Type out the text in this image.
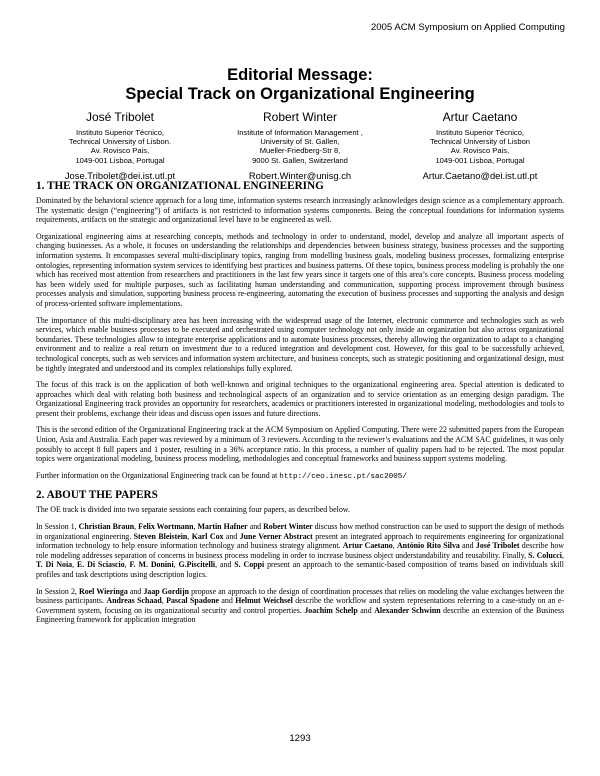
2005 ACM Symposium on Applied Computing
Editorial Message:
Special Track on Organizational Engineering
José Tribolet
Instituto Superior Técnico,
Technical University of Lisbon.
Av. Rovisco Pais,
1049-001 Lisboa, Portugal
Jose.Tribolet@dei.ist.utl.pt
Robert Winter
Institute of Information Management ,
University of St. Gallen,
Mueller-Friedberg-Str 8,
9000 St. Gallen, Switzerland
Robert.Winter@unisg.ch
Artur Caetano
Instituto Superior Técnico,
Technical University of Lisbon
Av. Rovisco Pais,
1049-001 Lisboa, Portugal
Artur.Caetano@dei.ist.utl.pt
1. THE TRACK ON ORGANIZATIONAL ENGINEERING

Dominated by the behavioral science approach for a long time, information systems research increasingly acknowledges design science as a complementary approach. The systematic design (“engineering”) of artifacts is not restricted to information systems components. Being the conceptual foundations for information systems requirements, artifacts on the strategic and organizational level have to be engineered as well.

Organizational engineering aims at researching concepts, methods and technology in order to understand, model, develop and analyze all important aspects of changing businesses. As a whole, it focuses on understanding the relationships and dependencies between business strategy, business processes and the supporting information systems. It encompasses several multi-disciplinary topics, ranging from modelling business goals, modeling business processes, formalizing enterprise ontologies, representing information system services to identifying best practices and business patterns. Of these topics, business process modeling is probably the one which has received most attention from researchers and practitioners in the last few years since it targets one of this area’s core concepts. Business process modeling has been widely used for multiple purposes, such as facilitating human understanding and communication, supporting process improvement through business processes analysis and simulation, supporting business process re-engineering, automating the execution of business processes and supporting the analysis and design of process-oriented software implementations.

The importance of this multi-disciplinary area has been increasing with the widespread usage of the Internet, electronic commerce and technologies such as web services, which enable business processes to be executed and orchestrated using computer technology not only inside an organization but also across organizational boundaries. These technologies allow to integrate enterprise applications and to automate business processes, thereby allowing the organization to adapt to a changing environment and to realize a real return on investment due to a reduced integration and development cost. However, for this goal to be successfully achieved, technological concepts, such as web services and information system architecture, and business concepts, such as strategic positioning and organizational design, must be tightly integrated and understood and its complex relationships fully explored.

The focus of this track is on the application of both well-known and original techniques to the organizational engineering area. Special attention is dedicated to approaches which deal with relating both business and technological aspects of an organization and to service orientation as an emerging design paradigm. The Organizational Engineering track provides an opportunity for researchers, academics or practitioners interested in organizational modeling, methodologies and tools to present their problems, exchange their ideas and discuss open issues and future directions.

This is the second edition of the Organizational Engineering track at the ACM Symposium on Applied Computing. There were 22 submitted papers from the European Union, Asia and Australia. Each paper was reviewed by a minimum of 3 reviewers. According to the reviewer’s evaluations and the ACM SAC guidelines, it was only possibly to accept 8 full papers and 1 poster, resulting in a 36% acceptance ratio. In this process, a number of quality papers had to be rejected. The most popular topics were organizational modeling, business process modeling, methodologies and conceptual frameworks and business support systems modeling.

Further information on the Organizational Engineering track can be found at http://ceo.inesc.pt/sac2005/

2. ABOUT THE PAPERS

The OE track is divided into two separate sessions each containing four papers, as described below.

In Session 1, Christian Braun, Felix Wortmann, Martin Hafner and Robert Winter discuss how method construction can be used to support the design of methods in organizational engineering. Steven Bleistein, Karl Cox and June Verner Abstract present an integrated approach to requirements engineering for organizational information technology to help ensure information technology and business strategy alignment. Artur Caetano, António Rito Silva and José Tribolet describe how role modeling addresses separation of concerns in business process modeling in order to increase business object understandability and reusability. Finally, S. Colucci, T. Di Noia, E. Di Sciascio, F. M. Donini, G.Piscitelli, and S. Coppi present an approach to the semantic-based composition of teams based on individuals skill profiles and task descriptions using description logics.

In Session 2, Roel Wieringa and Jaap Gordijn propose an approach to the design of coordination processes that relies on modeling the value exchanges between the business participants. Andreas Schaad, Pascal Spadone and Helmut Weichsel describe the workflow and system representations referring to a case-study on an e-Government system, focusing on its organizational security and control properties. Joachim Schelp and Alexander Schwinn describe an extension of the Business Engineering framework for application integration

1293
